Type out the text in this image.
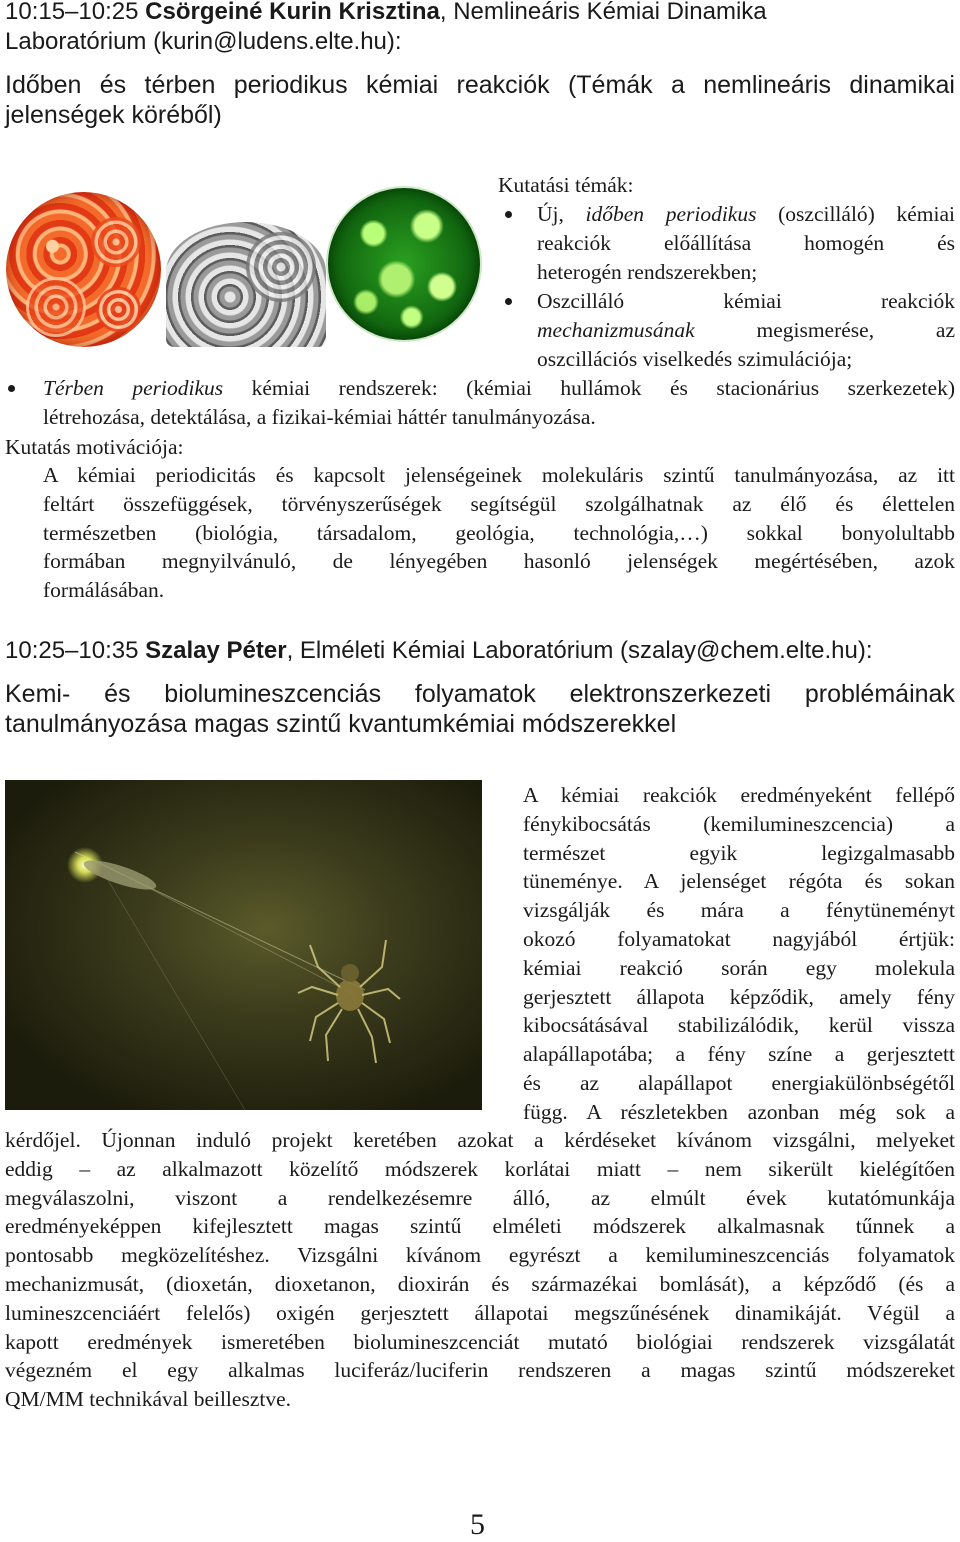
10:15–10:25 Csörgeiné Kurin Krisztina, Nemlineáris Kémiai Dinamika
Laboratórium (kurin@ludens.elte.hu):
Időben és térben periodikus kémiai reakciók (Témák a nemlineáris dinamikai
jelenségek köréből)
Kutatási témák:
Új, időben periodikus (oszcilláló) kémiai
reakciók előállítása homogén és
heterogén rendszerekben;
Oszcilláló kémiai reakciók
mechanizmusának megismerése, az
oszcillációs viselkedés szimulációja;
Térben periodikus kémiai rendszerek: (kémiai hullámok és stacionárius szerkezetek)
létrehozása, detektálása, a fizikai-kémiai háttér tanulmányozása.
Kutatás motivációja:
A kémiai periodicitás és kapcsolt jelenségeinek molekuláris szintű tanulmányozása, az itt
feltárt összefüggések, törvényszerűségek segítségül szolgálhatnak az élő és élettelen
természetben (biológia, társadalom, geológia, technológia,…) sokkal bonyolultabb
formában megnyilvánuló, de lényegében hasonló jelenségek megértésében, azok
formálásában.
10:25–10:35 Szalay Péter, Elméleti Kémiai Laboratórium (szalay@chem.elte.hu):
Kemi- és biolumineszcenciás folyamatok elektronszerkezeti problémáinak
tanulmányozása magas szintű kvantumkémiai módszerekkel
A kémiai reakciók eredményeként fellépő
fénykibocsátás (kemilumineszcencia) a
természet egyik legizgalmasabb
tüneménye. A jelenséget régóta és sokan
vizsgálják és mára a fénytüneményt
okozó folyamatokat nagyjából értjük:
kémiai reakció során egy molekula
gerjesztett állapota képződik, amely fény
kibocsátásával stabilizálódik, kerül vissza
alapállapotába; a fény színe a gerjesztett
és az alapállapot energiakülönbségétől
függ. A részletekben azonban még sok a
kérdőjel. Újonnan induló projekt keretében azokat a kérdéseket kívánom vizsgálni, melyeket
eddig – az alkalmazott közelítő módszerek korlátai miatt – nem sikerült kielégítően
megválaszolni, viszont a rendelkezésemre álló, az elmúlt évek kutatómunkája
eredményeképpen kifejlesztett magas szintű elméleti módszerek alkalmasnak tűnnek a
pontosabb megközelítéshez. Vizsgálni kívánom egyrészt a kemilumineszcenciás folyamatok
mechanizmusát, (dioxetán, dioxetanon, dioxirán és származékai bomlását), a képződő (és a
lumineszcenciáért felelős) oxigén gerjesztett állapotai megszűnésének dinamikáját. Végül a
kapott eredmények ismeretében biolumineszcenciát mutató biológiai rendszerek vizsgálatát
végezném el egy alkalmas luciferáz/luciferin rendszeren a magas szintű módszereket
QM/MM technikával beillesztve.
5
